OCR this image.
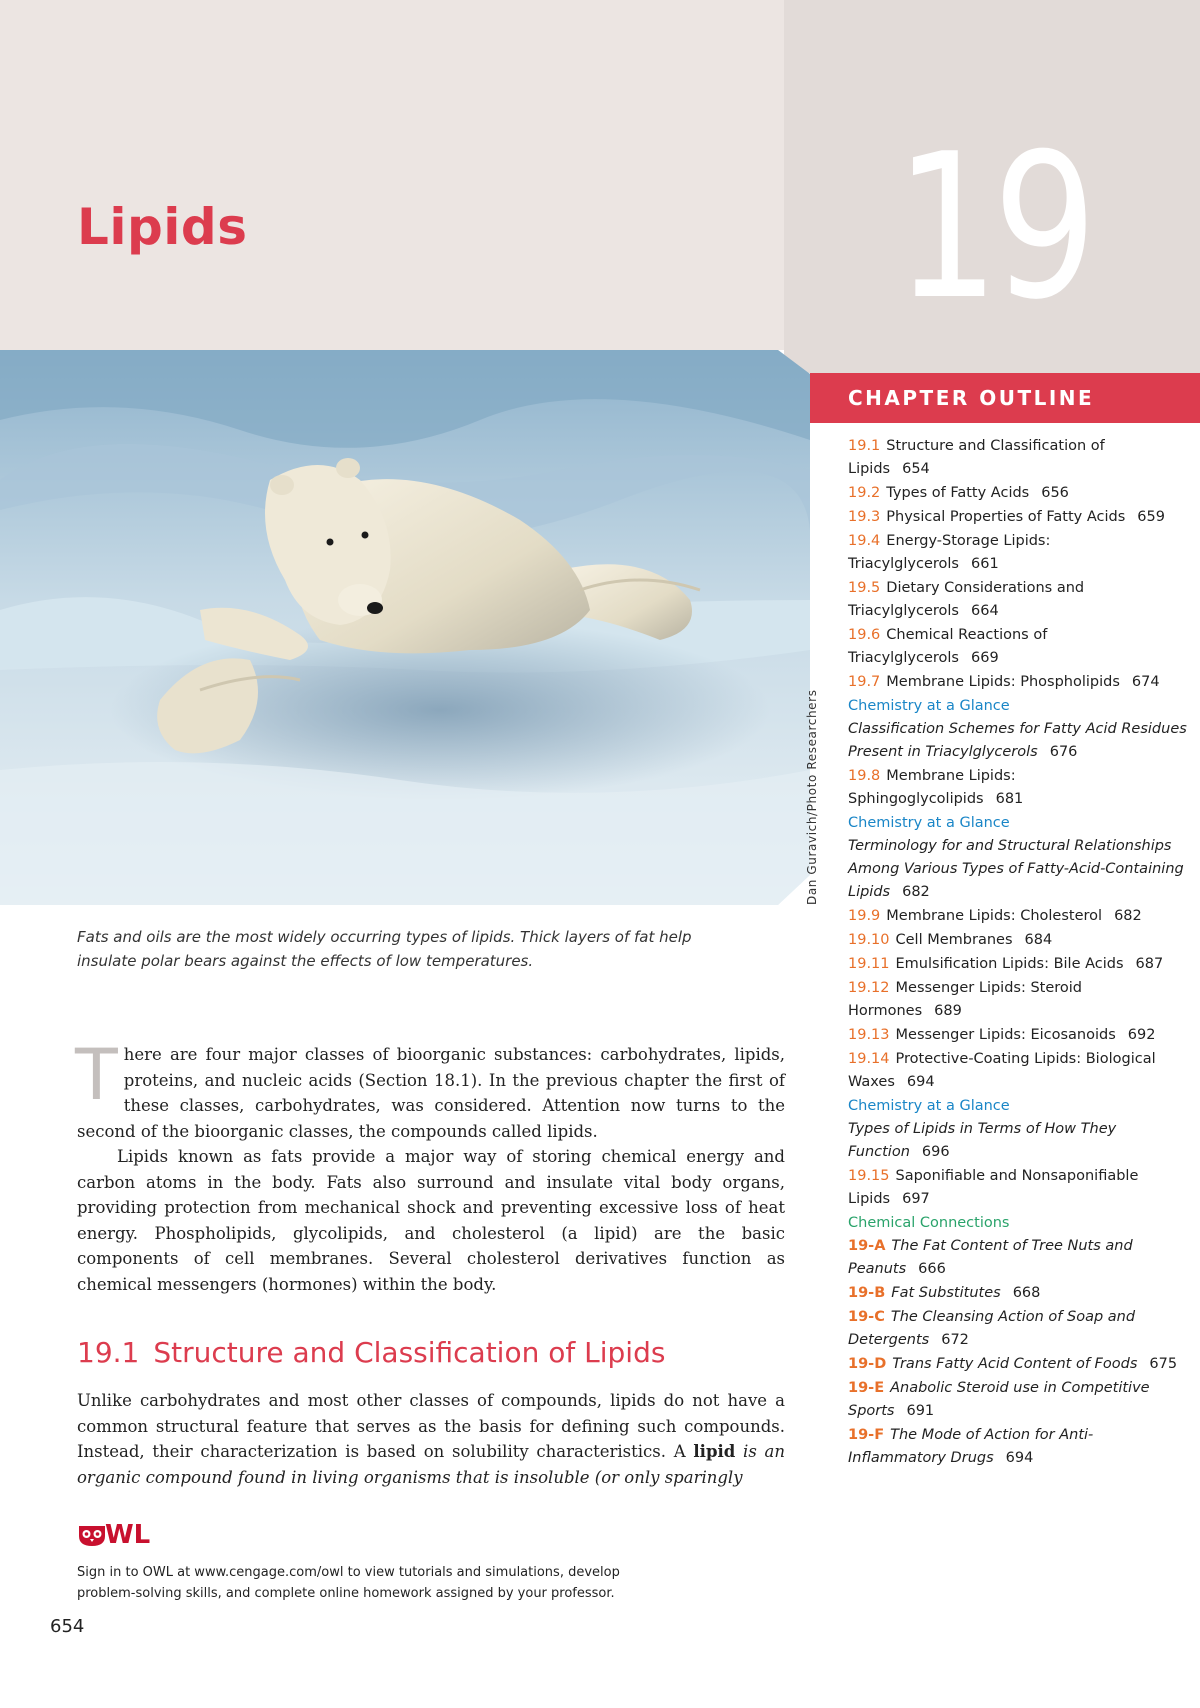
Lipids	19
Dan Guravich/Photo Researchers
Fats and oils are the most widely occurring types of lipids. Thick layers of fat help insulate polar bears against the effects of low temperatures.

There are four major classes of bioorganic substances: carbohydrates, lipids, proteins, and nucleic acids (Section 18.1). In the previous chapter the first of these classes, carbohydrates, was considered. Attention now turns to the second of the bioorganic classes, the compounds called lipids.

Lipids known as fats provide a major way of storing chemical energy and carbon atoms in the body. Fats also surround and insulate vital body organs, providing protection from mechanical shock and preventing excessive loss of heat energy. Phospholipids, glycolipids, and cholesterol (a lipid) are the basic components of cell membranes. Several cholesterol derivatives function as chemical messengers (hormones) within the body.

19.1 Structure and Classification of Lipids

Unlike carbohydrates and most other classes of compounds, lipids do not have a common structural feature that serves as the basis for defining such compounds. Instead, their characterization is based on solubility characteristics. A lipid is an organic compound found in living organisms that is insoluble (or only sparingly

WL
Sign in to OWL at www.cengage.com/owl to view tutorials and simulations, develop problem-solving skills, and complete online homework assigned by your professor.
654
CHAPTER OUTLINE
19.1 Structure and Classification of Lipids 654
19.2 Types of Fatty Acids 656
19.3 Physical Properties of Fatty Acids 659
19.4 Energy-Storage Lipids: Triacylglycerols 661
19.5 Dietary Considerations and Triacylglycerols 664
19.6 Chemical Reactions of Triacylglycerols 669
19.7 Membrane Lipids: Phospholipids 674
Chemistry at a Glance
Classification Schemes for Fatty Acid Residues Present in Triacylglycerols 676
19.8 Membrane Lipids: Sphingoglycolipids 681
Chemistry at a Glance
Terminology for and Structural Relationships Among Various Types of Fatty-Acid-Containing Lipids 682
19.9 Membrane Lipids: Cholesterol 682
19.10 Cell Membranes 684
19.11 Emulsification Lipids: Bile Acids 687
19.12 Messenger Lipids: Steroid Hormones 689
19.13 Messenger Lipids: Eicosanoids 692
19.14 Protective-Coating Lipids: Biological Waxes 694
Chemistry at a Glance
Types of Lipids in Terms of How They Function 696
19.15 Saponifiable and Nonsaponifiable Lipids 697
Chemical Connections
19-A The Fat Content of Tree Nuts and Peanuts 666
19-B Fat Substitutes 668
19-C The Cleansing Action of Soap and Detergents 672
19-D Trans Fatty Acid Content of Foods 675
19-E Anabolic Steroid use in Competitive Sports 691
19-F The Mode of Action for Anti-Inflammatory Drugs 694
